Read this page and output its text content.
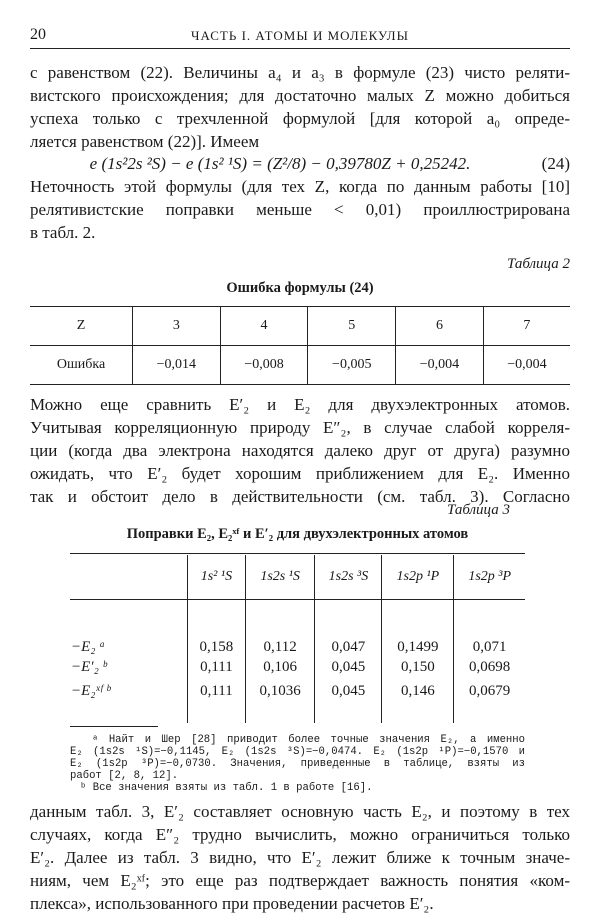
20	ЧАСТЬ I. АТОМЫ И МОЛЕКУЛЫ
с равенством (22). Величины a₄ и a₃ в формуле (23) чисто реляти-
вистского происхождения; для достаточно малых Z можно добиться
успеха только с трехчленной формулой [для которой a₀ опреде-
ляется равенством (22)]. Имеем
e (1s²2s ²S) − e (1s² ¹S) = (Z²/8) − 0,39780Z + 0,25242.	(24)
Неточность этой формулы (для тех Z, когда по данным работы [10]
релятивистские поправки меньше < 0,01) проиллюстрирована
в табл. 2.
Таблица 2
Ошибка формулы (24)
Z	3	4	5	6	7
Ошибка	−0,014	−0,008	−0,005	−0,004	−0,004
Можно еще сравнить E′₂ и E₂ для двухэлектронных атомов.
Учитывая корреляционную природу E″₂, в случае слабой корреля-
ции (когда два электрона находятся далеко друг от друга) разумно
ожидать, что E′₂ будет хорошим приближением для E₂. Именно
так и обстоит дело в действительности (см. табл. 3). Согласно
Таблица 3
Поправки E₂, E₂ˣᶠ и E′₂ для двухэлектронных атомов
	1s² ¹S	1s2s ¹S	1s2s ³S	1s2p ¹P	1s2p ³P

−E₂ ᵃ	0,158	0,112	0,047	0,1499	0,071
−E′₂ ᵇ	0,111	0,106	0,045	0,150	0,0698
−E₂ˣᶠ ᵇ	0,111	0,1036	0,045	0,146	0,0679

ᵃ Найт и Шер [28] приводит более точные значения E₂, а именно
E₂ (1s2s ¹S)=−0,1145, E₂ (1s2s ³S)=−0,0474. E₂ (1s2p ¹P)=−0,1570 и
E₂ (1s2p ³P)=−0,0730. Значения, приведенные в таблице, взяты из
работ [2, 8, 12].
ᵇ Все значения взяты из табл. 1 в работе [16].
данным табл. 3, E′₂ составляет основную часть E₂, и поэтому в тех
случаях, когда E″₂ трудно вычислить, можно ограничиться только
E′₂. Далее из табл. 3 видно, что E′₂ лежит ближе к точным значе-
ниям, чем E₂ˣᶠ; это еще раз подтверждает важность понятия «ком-
плекса», использованного при проведении расчетов E′₂.
